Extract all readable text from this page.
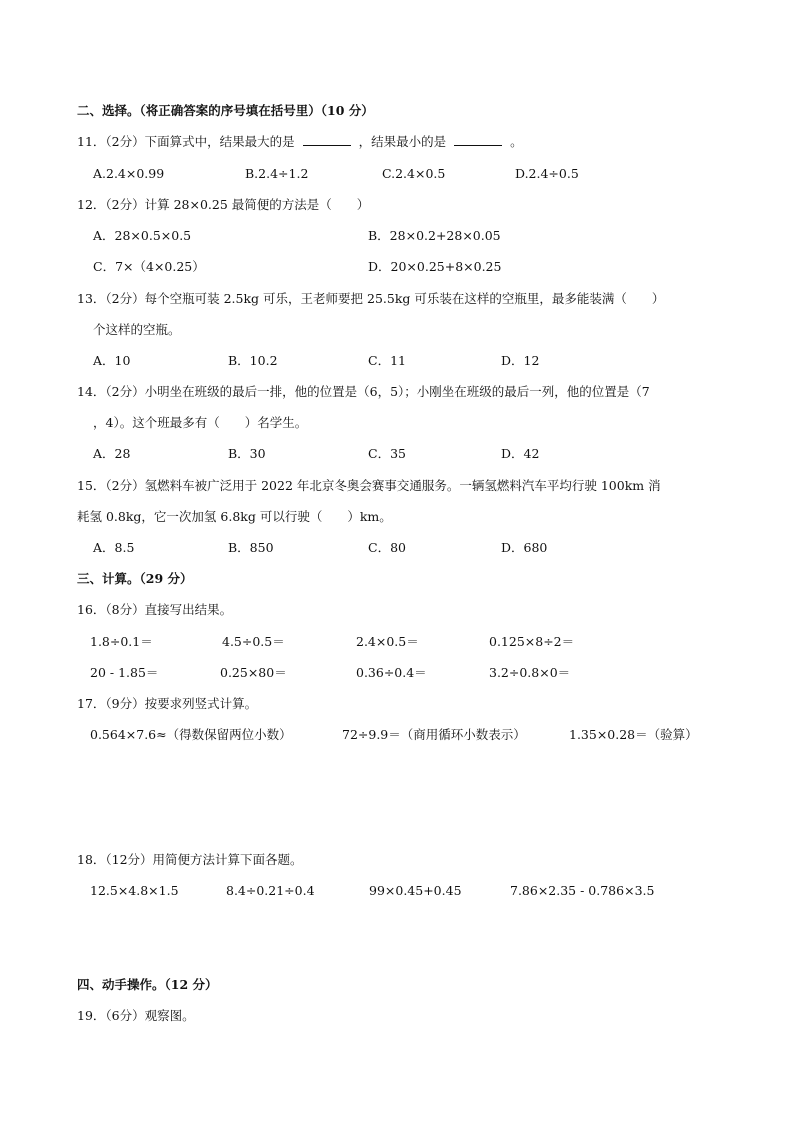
二、选择。（将正确答案的序号填在括号里）（10 分）
11．（2分）下面算式中，结果最大的是	，结果最小的是	。
A.2.4×0.99	B.2.4÷1.2	C.2.4×0.5	D.2.4÷0.5
12．（2分）计算 28×0.25 最简便的方法是（　　）
A．28×0.5×0.5	B．28×0.2+28×0.05
C．7×（4×0.25）	D．20×0.25+8×0.25
13．（2分）每个空瓶可装 2.5kg 可乐，王老师要把 25.5kg 可乐装在这样的空瓶里，最多能装满（　　）
个这样的空瓶。
A．10	B．10.2	C．11	D．12
14．（2分）小明坐在班级的最后一排，他的位置是（6，5）；小刚坐在班级的最后一列，他的位置是（7
，4）。这个班最多有（　　）名学生。
A．28	B．30	C．35	D．42
15．（2分）氢燃料车被广泛用于 2022 年北京冬奥会赛事交通服务。一辆氢燃料汽车平均行驶 100km 消
耗氢 0.8kg，它一次加氢 6.8kg 可以行驶（　　）km。
A．8.5	B．850	C．80	D．680
三、计算。（29 分）
16．（8分）直接写出结果。
1.8÷0.1＝	4.5÷0.5＝	2.4×0.5＝	0.125×8÷2＝
20 - 1.85＝	0.25×80＝	0.36÷0.4＝	3.2÷0.8×0＝
17．（9分）按要求列竖式计算。
0.564×7.6≈（得数保留两位小数）	72÷9.9＝（商用循环小数表示）	1.35×0.28＝（验算）
18．（12分）用简便方法计算下面各题。
12.5×4.8×1.5	8.4÷0.21÷0.4	99×0.45+0.45	7.86×2.35 - 0.786×3.5
四、动手操作。（12 分）
19．（6分）观察图。
